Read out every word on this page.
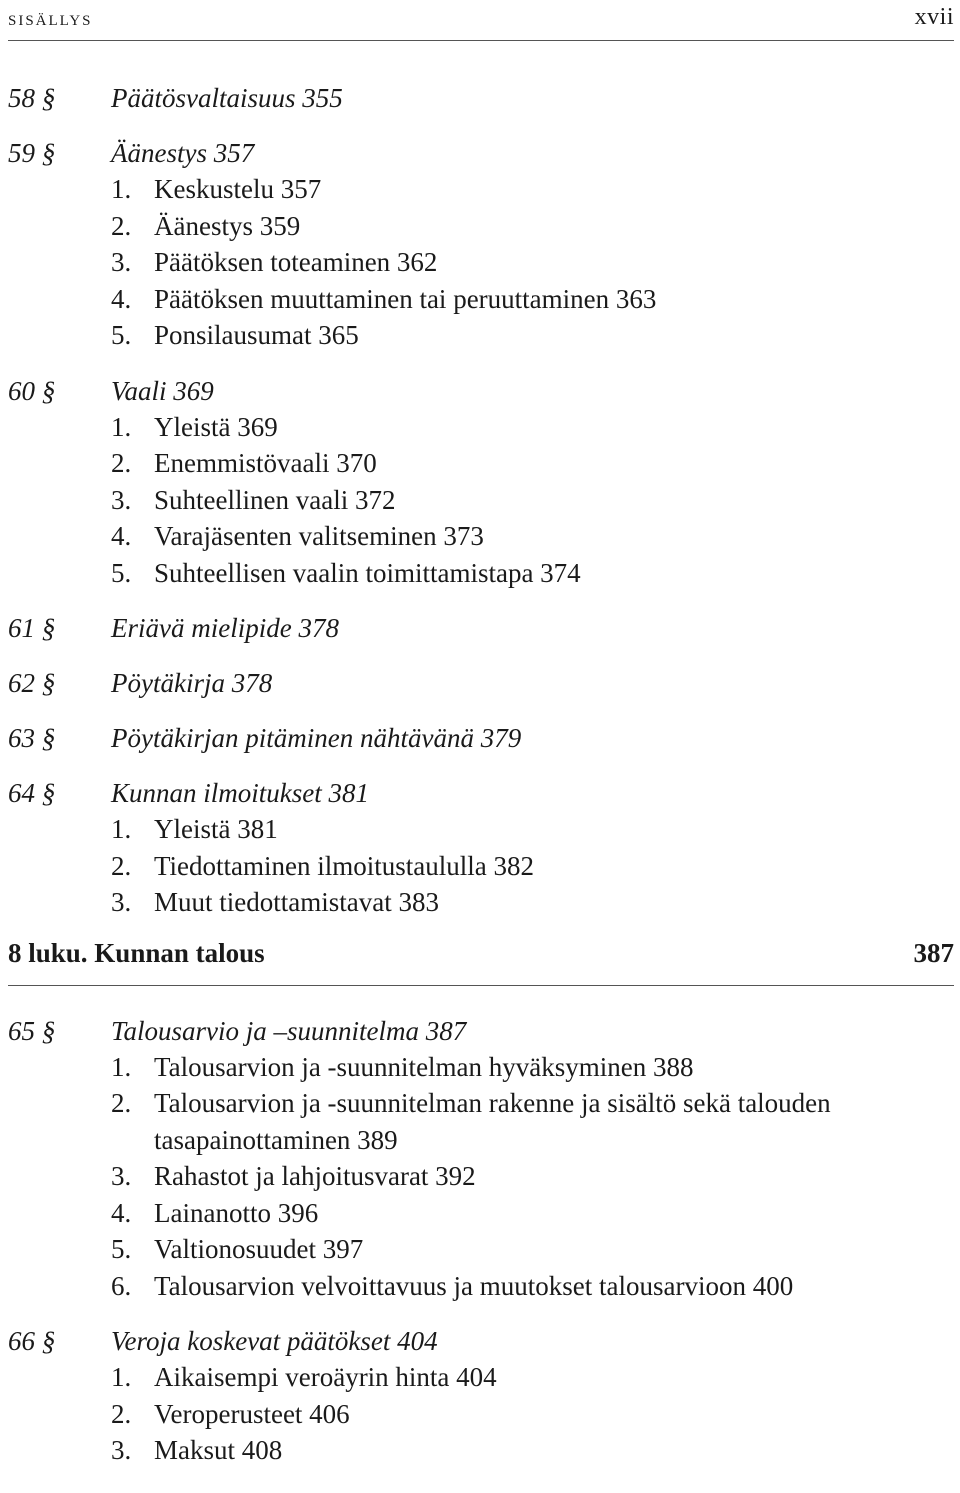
sisällys	xvii
58 § Päätösvaltaisuus 355
59 § Äänestys 357
1. Keskustelu 357
2. Äänestys 359
3. Päätöksen toteaminen 362
4. Päätöksen muuttaminen tai peruuttaminen 363
5. Ponsilausumat 365
60 § Vaali 369
1. Yleistä 369
2. Enemmistövaali 370
3. Suhteellinen vaali 372
4. Varajäsenten valitseminen 373
5. Suhteellisen vaalin toimittamistapa 374
61 § Eriävä mielipide 378
62 § Pöytäkirja 378
63 § Pöytäkirjan pitäminen nähtävänä 379
64 § Kunnan ilmoitukset 381
1. Yleistä 381
2. Tiedottaminen ilmoitustaululla 382
3. Muut tiedottamistavat 383
8 luku. Kunnan talous	387
65 § Talousarvio ja –suunnitelma 387
1. Talousarvion ja -suunnitelman hyväksyminen 388
2. Talousarvion ja -suunnitelman rakenne ja sisältö sekä talouden tasapainottaminen 389
3. Rahastot ja lahjoitusvarat 392
4. Lainanotto 396
5. Valtionosuudet 397
6. Talousarvion velvoittavuus ja muutokset talousarvioon 400
66 § Veroja koskevat päätökset 404
1. Aikaisempi veroäyrin hinta 404
2. Veroperusteet 406
3. Maksut 408
